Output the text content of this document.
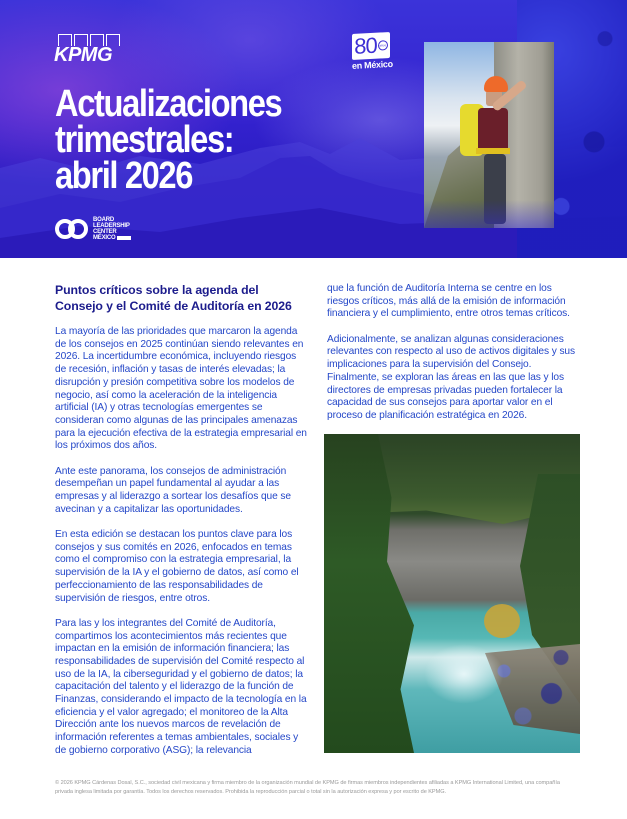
KPMG
Actualizaciones
trimestrales:
abril 2026
BOARD
LEADERSHIP
CENTER
MÉXICO
80 años
en México
Puntos críticos sobre la agenda del Consejo y el Comité de Auditoría en 2026

La mayoría de las prioridades que marcaron la agenda de los consejos en 2025 continúan siendo relevantes en 2026. La incertidumbre económica, incluyendo riesgos de recesión, inflación y tasas de interés elevadas; la disrupción y presión competitiva sobre los modelos de negocio, así como la aceleración de la inteligencia artificial (IA) y otras tecnologías emergentes se consideran como algunas de las principales amenazas para la ejecución efectiva de la estrategia empresarial en los próximos dos años.

Ante este panorama, los consejos de administración desempeñan un papel fundamental al ayudar a las empresas y al liderazgo a sortear los desafíos que se avecinan y a capitalizar las oportunidades.

En esta edición se destacan los puntos clave para los consejos y sus comités en 2026, enfocados en temas como el compromiso con la estrategia empresarial, la supervisión de la IA y el gobierno de datos, así como el perfeccionamiento de las responsabilidades de supervisión de riesgos, entre otros.

Para las y los integrantes del Comité de Auditoría, compartimos los acontecimientos más recientes que impactan en la emisión de información financiera; las responsabilidades de supervisión del Comité respecto al uso de la IA, la ciberseguridad y el gobierno de datos; la capacitación del talento y el liderazgo de la función de Finanzas, considerando el impacto de la tecnología en la eficiencia y el valor agregado; el monitoreo de la Alta Dirección ante los nuevos marcos de revelación de información referentes a temas ambientales, sociales y de gobierno corporativo (ASG); la relevancia

que la función de Auditoría Interna se centre en los riesgos críticos, más allá de la emisión de información financiera y el cumplimiento, entre otros temas críticos.

Adicionalmente, se analizan algunas consideraciones relevantes con respecto al uso de activos digitales y sus implicaciones para la supervisión del Consejo. Finalmente, se exploran las áreas en las que las y los directores de empresas privadas pueden fortalecer la capacidad de sus consejos para aportar valor en el proceso de planificación estratégica en 2026.

© 2026 KPMG Cárdenas Dosal, S.C., sociedad civil mexicana y firma miembro de la organización mundial de KPMG de firmas miembros independientes afiliadas a KPMG International Limited, una compañía privada inglesa limitada por garantía. Todos los derechos reservados. Prohibida la reproducción parcial o total sin la autorización expresa y por escrito de KPMG.
